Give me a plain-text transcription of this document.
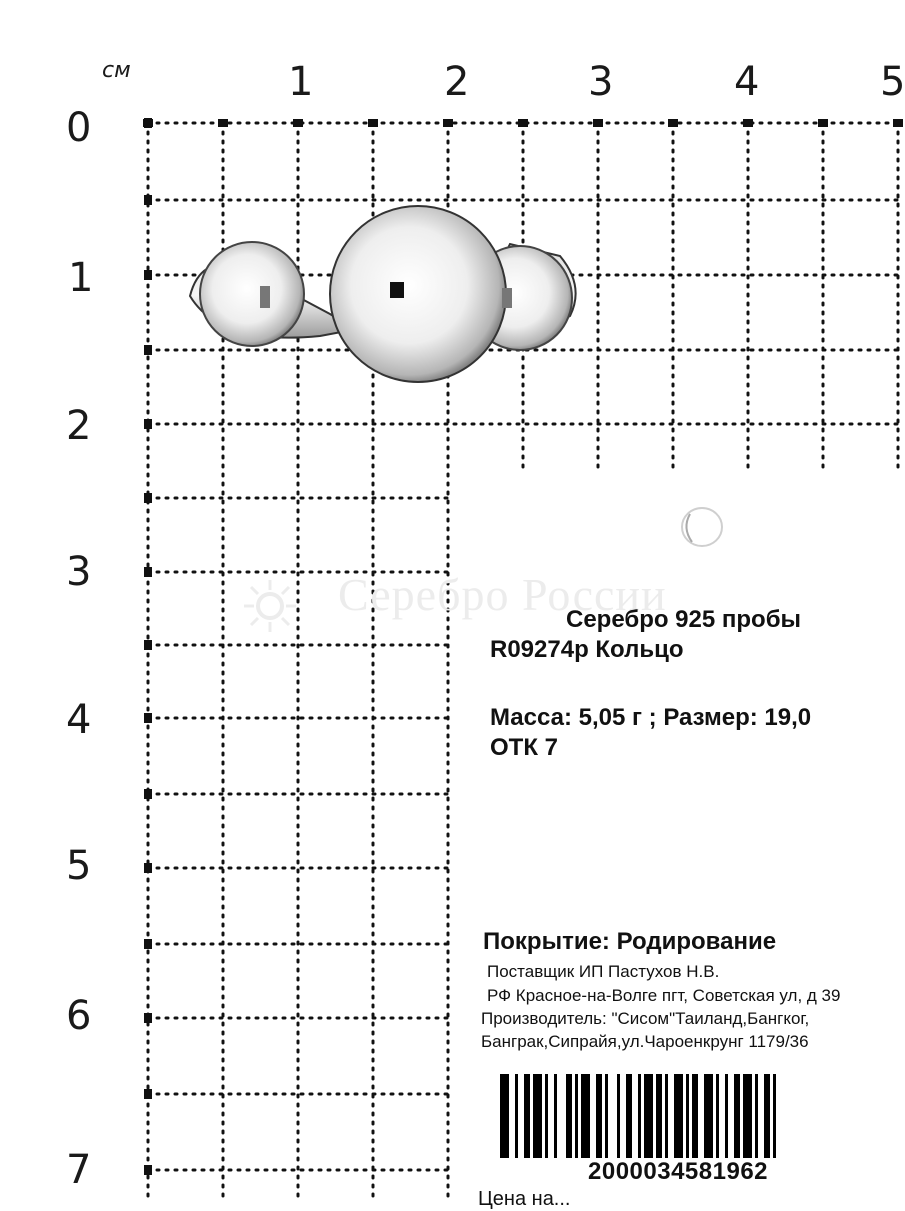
см	1	2	3	4	5
0
1
2
3
4
5
6
7
Серебро России
Серебро 925 пробы
R09274р Кольцо
Масса: 5,05 г ; Размер: 19,0
ОТК 7
Покрытие: Родирование
Поставщик ИП Пастухов Н.В.
РФ Красное-на-Волге пгт, Советская ул, д 39
Производитель: "Сисом"Таиланд,Бангког,
Банграк,Сипрайя,ул.Чароенкрунг 1179/36
2000034581962
Цена на...
